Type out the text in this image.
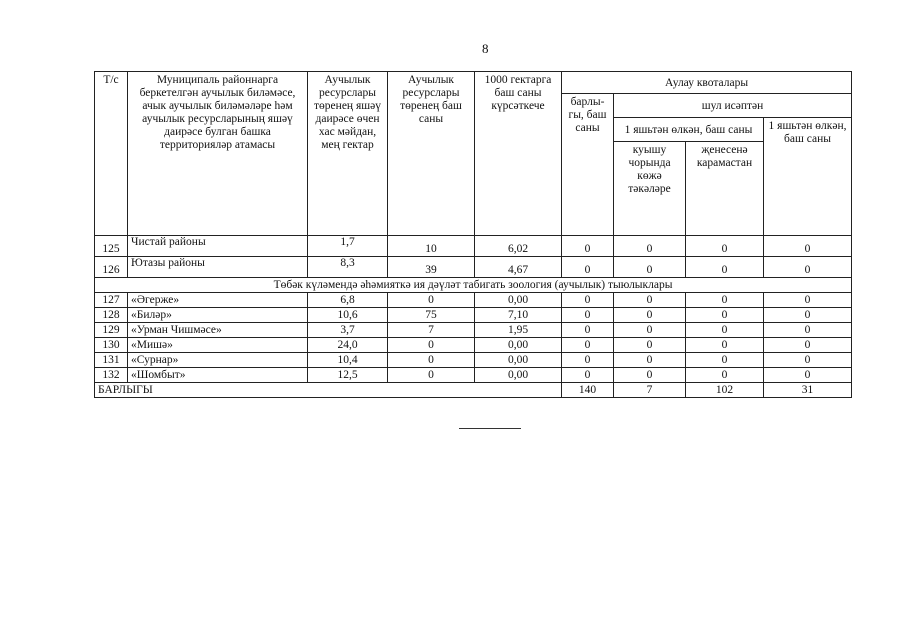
8
Т/с	Муниципаль районнарга беркетелгән аучылык биләмәсе, ачык аучылык биләмәләре һәм аучылык ресурсларының яшәү даирәсе булган башка территорияләр атамасы	Аучылык ресурслары төренең яшәү даирәсе өчен хас мәйдан, мең гектар	Аучылык ресурслары төренең баш саны	1000 гектарга баш саны күрсәткече	Аулау квоталары			
					барлы-гы, баш саны	шул исәптән		
						1 яшьтән өлкән, баш саны		1 яшьтән өлкән, баш саны
						куышу чорында көжә тәкәләре	җенесенә карамастан	
125	Чистай районы	1,7	10	6,02	0	0	0	0
126	Ютазы районы	8,3	39	4,67	0	0	0	0
Төбәк күләмендә әһәмияткә ия дәүләт табигать зоология (аучылык) тыюлыклары								
127	«Әгерже»	6,8	0	0,00	0	0	0	0
128	«Биләр»	10,6	75	7,10	0	0	0	0
129	«Урман Чишмәсе»	3,7	7	1,95	0	0	0	0
130	«Мишә»	24,0	0	0,00	0	0	0	0
131	«Сурнар»	10,4	0	0,00	0	0	0	0
132	«Шомбыт»	12,5	0	0,00	0	0	0	0
БАРЛЫГЫ					140	7	102	31
